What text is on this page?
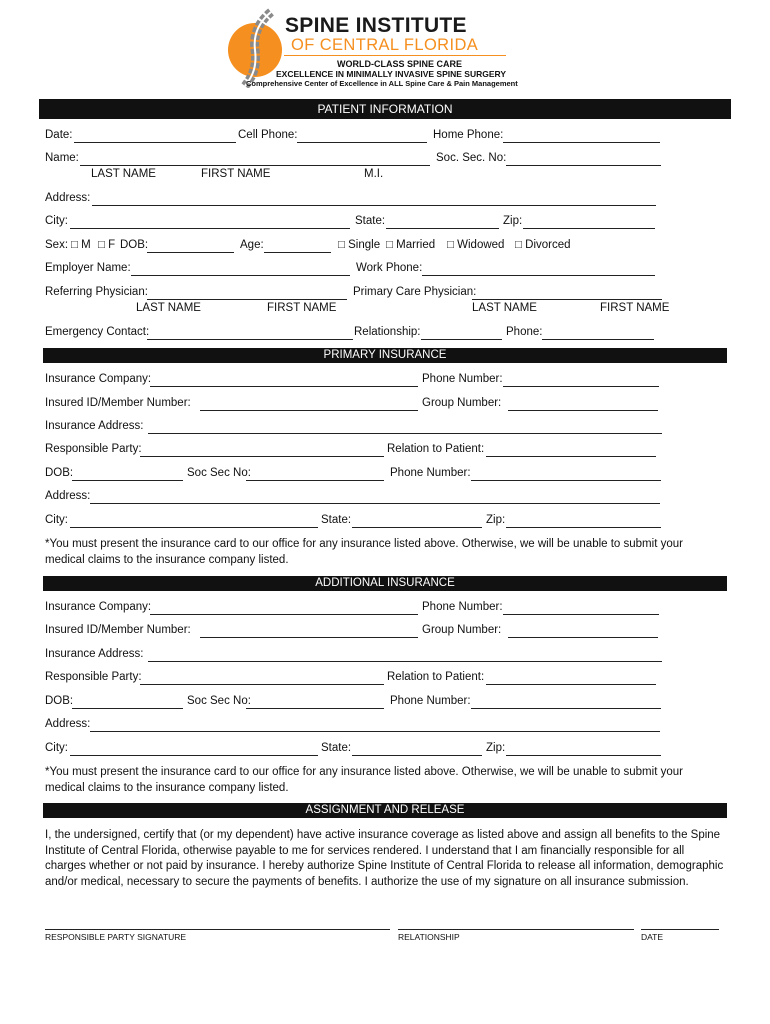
SPINE INSTITUTE
OF CENTRAL FLORIDA
WORLD-CLASS SPINE CARE
EXCELLENCE IN MINIMALLY INVASIVE SPINE SURGERY
Comprehensive Center of Excellence in ALL Spine Care & Pain Management
PATIENT INFORMATION
Date:	Cell Phone:	Home Phone:
Name:	Soc. Sec. No:
LAST NAME	FIRST NAME	M.I.
Address:
City:	State:	Zip:
Sex: □ M □ F DOB:	Age:	□ Single □ Married □ Widowed □ Divorced
Employer Name:	Work Phone:
Referring Physician:	Primary Care Physician:
LAST NAME	FIRST NAME	LAST NAME	FIRST NAME
Emergency Contact:	Relationship:	Phone:
PRIMARY INSURANCE
Insurance Company:	Phone Number:
Insured ID/Member Number:	Group Number:
Insurance Address:
Responsible Party:	Relation to Patient:
DOB:	Soc Sec No:	Phone Number:
Address:
City:	State:	Zip:
*You must present the insurance card to our office for any insurance listed above. Otherwise, we will be unable to submit your medical claims to the insurance company listed.
ADDITIONAL INSURANCE
Insurance Company:	Phone Number:
Insured ID/Member Number:	Group Number:
Insurance Address:
Responsible Party:	Relation to Patient:
DOB:	Soc Sec No:	Phone Number:
Address:
City:	State:	Zip:
*You must present the insurance card to our office for any insurance listed above. Otherwise, we will be unable to submit your medical claims to the insurance company listed.
ASSIGNMENT AND RELEASE
I, the undersigned, certify that (or my dependent) have active insurance coverage as listed above and assign all benefits to the Spine Institute of Central Florida, otherwise payable to me for services rendered. I understand that I am financially responsible for all charges whether or not paid by insurance. I hereby authorize Spine Institute of Central Florida to release all information, demographic and/or medical, necessary to secure the payments of benefits. I authorize the use of my signature on all insurance submission.
RESPONSIBLE PARTY SIGNATURE	RELATIONSHIP	DATE
